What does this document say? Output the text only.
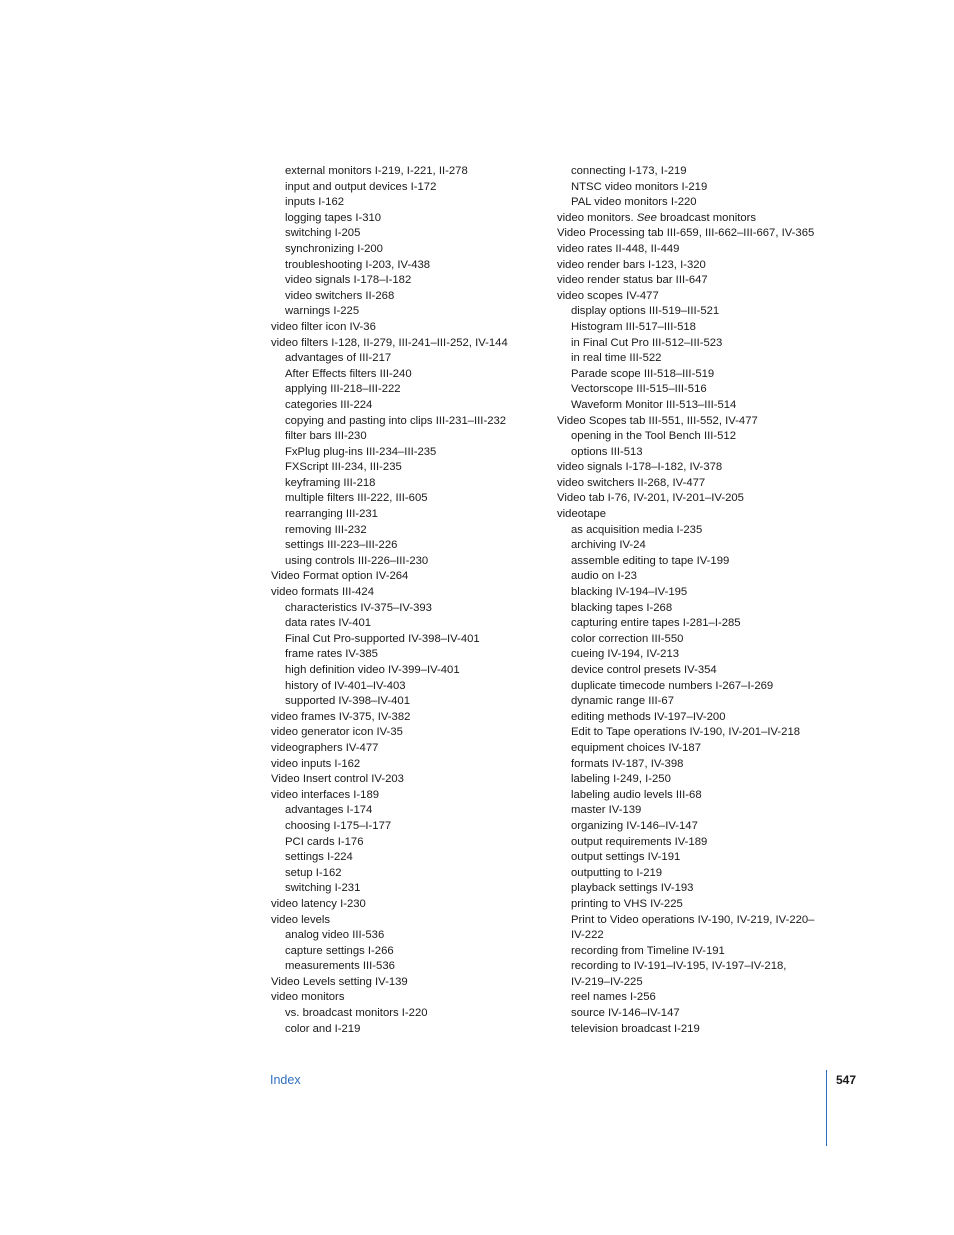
external monitors I-219, I-221, II-278
input and output devices I-172
inputs I-162
logging tapes I-310
switching I-205
synchronizing I-200
troubleshooting I-203, IV-438
video signals I-178–I-182
video switchers II-268
warnings I-225
video filter icon IV-36
video filters I-128, II-279, III-241–III-252, IV-144
advantages of III-217
After Effects filters III-240
applying III-218–III-222
categories III-224
copying and pasting into clips III-231–III-232
filter bars III-230
FxPlug plug-ins III-234–III-235
FXScript III-234, III-235
keyframing III-218
multiple filters III-222, III-605
rearranging III-231
removing III-232
settings III-223–III-226
using controls III-226–III-230
Video Format option IV-264
video formats III-424
characteristics IV-375–IV-393
data rates IV-401
Final Cut Pro-supported IV-398–IV-401
frame rates IV-385
high definition video IV-399–IV-401
history of IV-401–IV-403
supported IV-398–IV-401
video frames IV-375, IV-382
video generator icon IV-35
videographers IV-477
video inputs I-162
Video Insert control IV-203
video interfaces I-189
advantages I-174
choosing I-175–I-177
PCI cards I-176
settings I-224
setup I-162
switching I-231
video latency I-230
video levels
analog video III-536
capture settings I-266
measurements III-536
Video Levels setting IV-139
video monitors
vs. broadcast monitors I-220
color and I-219
connecting I-173, I-219
NTSC video monitors I-219
PAL video monitors I-220
video monitors. See broadcast monitors
Video Processing tab III-659, III-662–III-667, IV-365
video rates II-448, II-449
video render bars I-123, I-320
video render status bar III-647
video scopes IV-477
display options III-519–III-521
Histogram III-517–III-518
in Final Cut Pro III-512–III-523
in real time III-522
Parade scope III-518–III-519
Vectorscope III-515–III-516
Waveform Monitor III-513–III-514
Video Scopes tab III-551, III-552, IV-477
opening in the Tool Bench III-512
options III-513
video signals I-178–I-182, IV-378
video switchers II-268, IV-477
Video tab I-76, IV-201, IV-201–IV-205
videotape
as acquisition media I-235
archiving IV-24
assemble editing to tape IV-199
audio on I-23
blacking IV-194–IV-195
blacking tapes I-268
capturing entire tapes I-281–I-285
color correction III-550
cueing IV-194, IV-213
device control presets IV-354
duplicate timecode numbers I-267–I-269
dynamic range III-67
editing methods IV-197–IV-200
Edit to Tape operations IV-190, IV-201–IV-218
equipment choices IV-187
formats IV-187, IV-398
labeling I-249, I-250
labeling audio levels III-68
master IV-139
organizing IV-146–IV-147
output requirements IV-189
output settings IV-191
outputting to I-219
playback settings IV-193
printing to VHS IV-225
Print to Video operations IV-190, IV-219, IV-220–
IV-222
recording from Timeline IV-191
recording to IV-191–IV-195, IV-197–IV-218,
IV-219–IV-225
reel names I-256
source IV-146–IV-147
television broadcast I-219
Index	547
